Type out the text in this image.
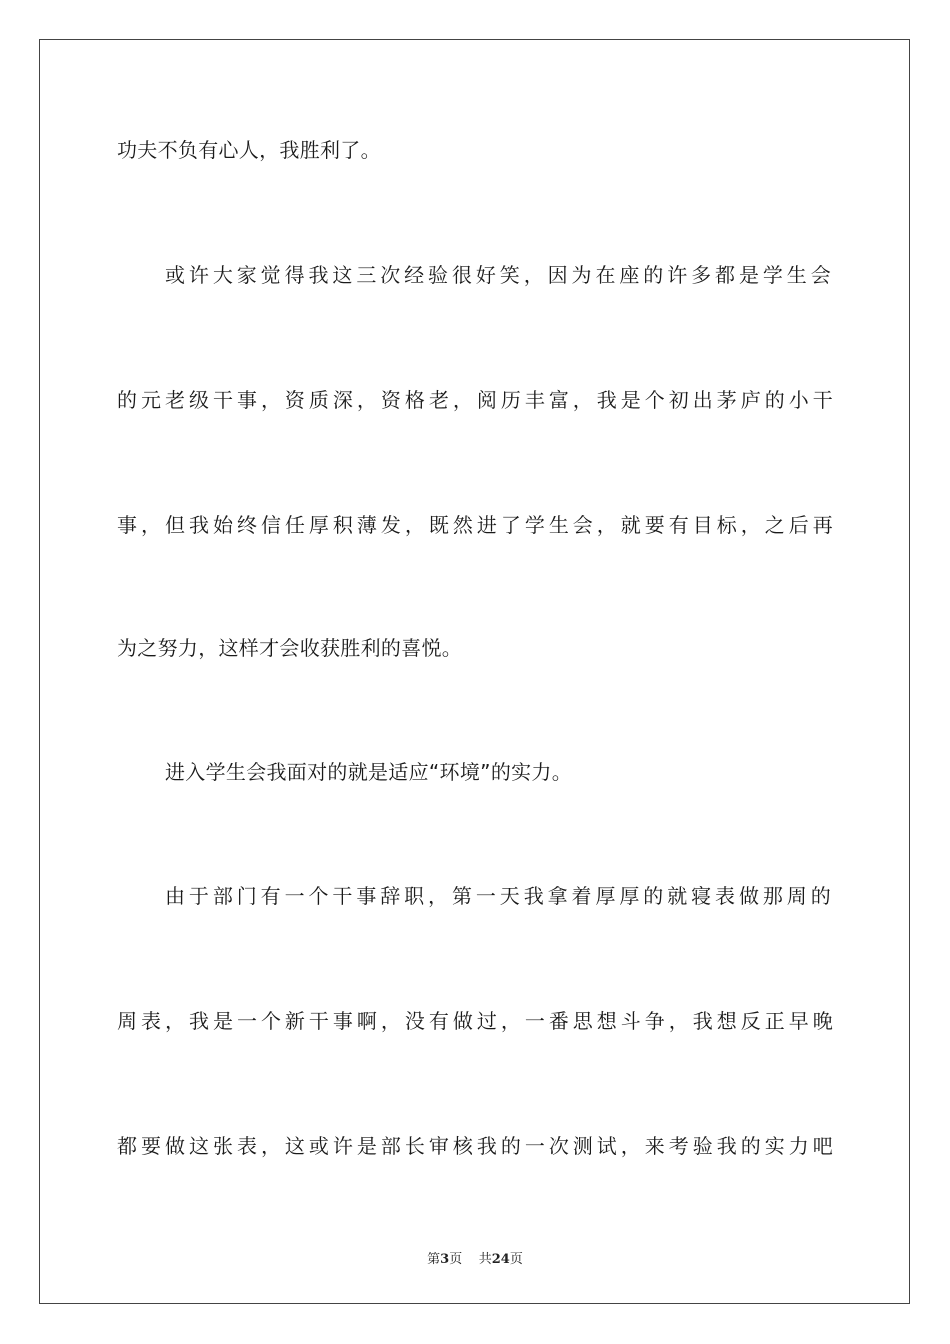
功夫不负有心人，我胜利了。
或许大家觉得我这三次经验很好笑，因为在座的许多都是学生会
的元老级干事，资质深，资格老，阅历丰富，我是个初出茅庐的小干
事，但我始终信任厚积薄发，既然进了学生会，就要有目标，之后再
为之努力，这样才会收获胜利的喜悦。
进入学生会我面对的就是适应“环境”的实力。
由于部门有一个干事辞职，第一天我拿着厚厚的就寝表做那周的
周表，我是一个新干事啊，没有做过，一番思想斗争，我想反正早晚
都要做这张表，这或许是部长审核我的一次测试，来考验我的实力吧
第3页 共24页
